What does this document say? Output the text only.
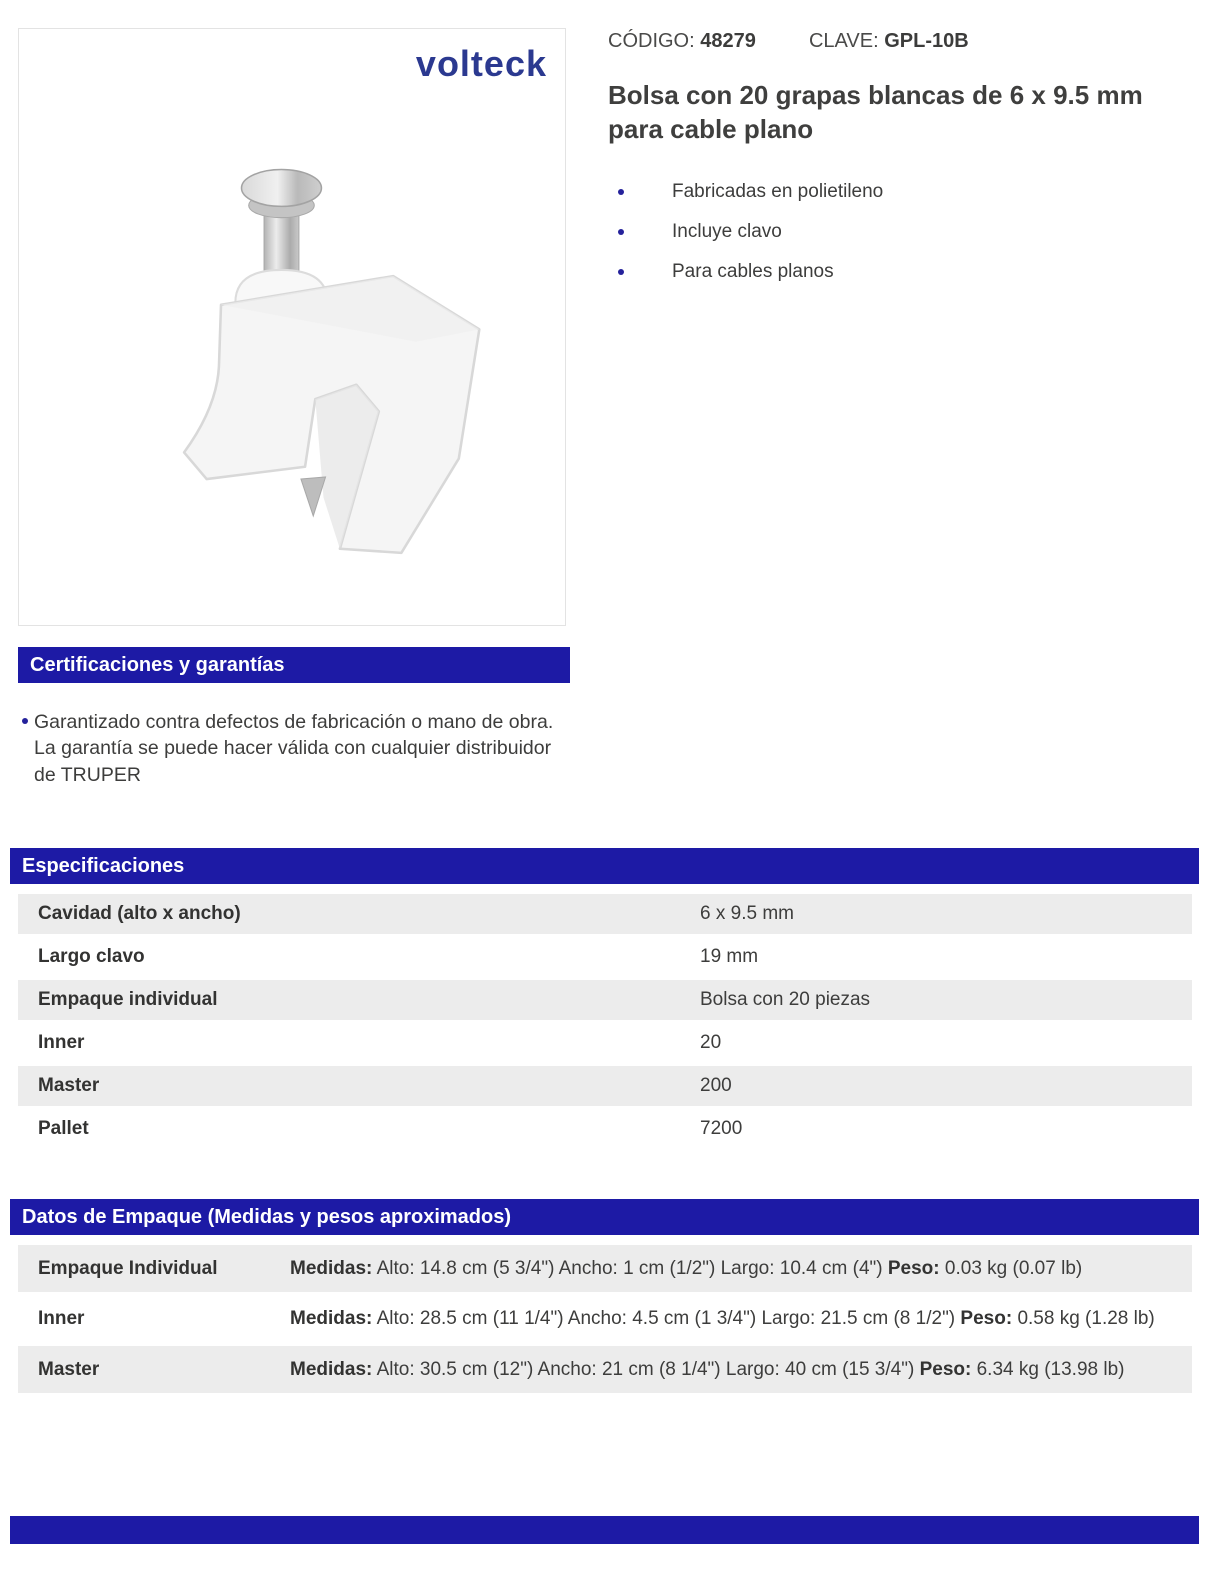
volteck
CÓDIGO: 48279	CLAVE: GPL-10B
Bolsa con 20 grapas blancas de 6 x 9.5 mm para cable plano
Fabricadas en polietileno
Incluye clavo
Para cables planos
Certificaciones y garantías
Garantizado contra defectos de fabricación o mano de obra. La garantía se puede hacer válida con cualquier distribuidor de TRUPER
Especificaciones
Cavidad (alto x ancho)	6 x 9.5 mm
Largo clavo	19 mm
Empaque individual	Bolsa con 20 piezas
Inner	20
Master	200
Pallet	7200
Datos de Empaque (Medidas y pesos aproximados)
Empaque Individual	Medidas: Alto: 14.8 cm (5 3/4") Ancho: 1 cm (1/2") Largo: 10.4 cm (4") Peso: 0.03 kg (0.07 lb)
Inner	Medidas: Alto: 28.5 cm (11 1/4") Ancho: 4.5 cm (1 3/4") Largo: 21.5 cm (8 1/2") Peso: 0.58 kg (1.28 lb)
Master	Medidas: Alto: 30.5 cm (12") Ancho: 21 cm (8 1/4") Largo: 40 cm (15 3/4") Peso: 6.34 kg (13.98 lb)
